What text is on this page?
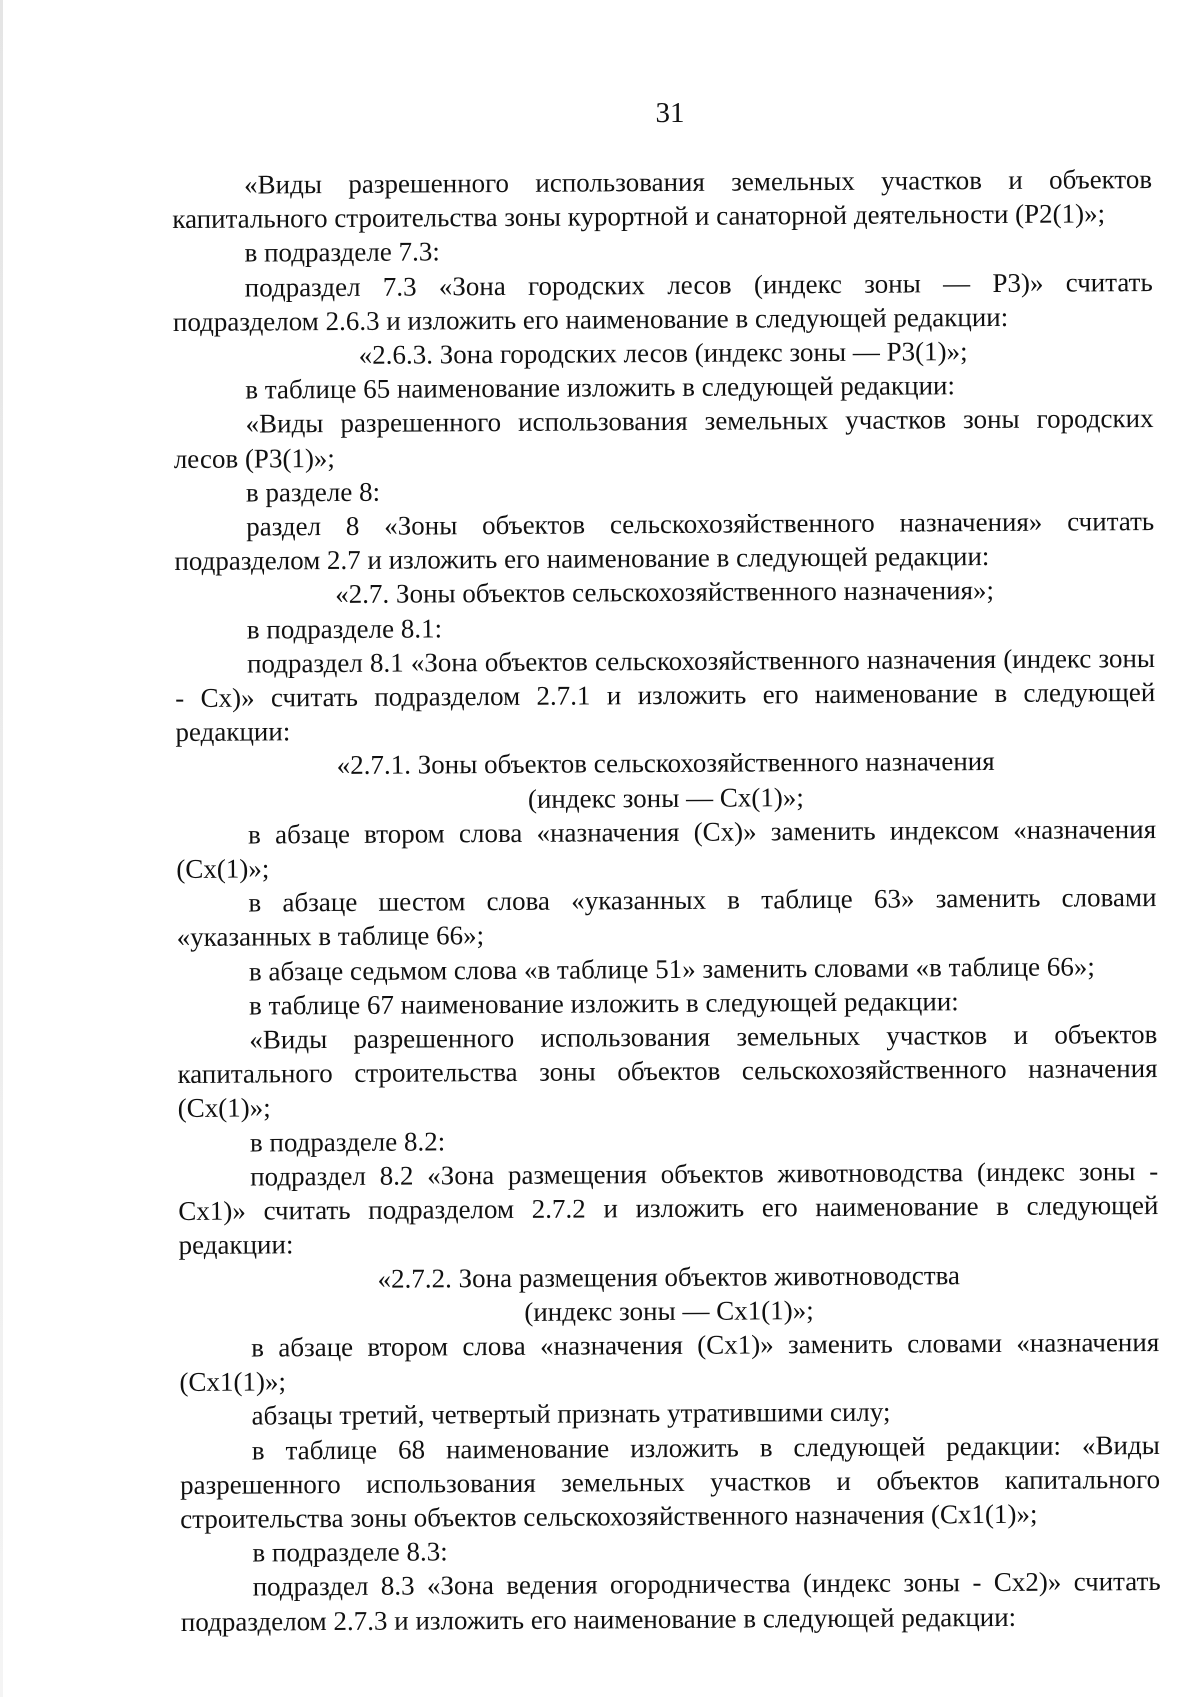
31

«Виды разрешенного использования земельных участков и объектов капитального строительства зоны курортной и санаторной деятельности (Р2(1)»;

в подразделе 7.3:

подраздел 7.3 «Зона городских лесов (индекс зоны — Р3)» считать подразделом 2.6.3 и изложить его наименование в следующей редакции:

«2.6.3. Зона городских лесов (индекс зоны — Р3(1)»;

в таблице 65 наименование изложить в следующей редакции:

«Виды разрешенного использования земельных участков зоны городских лесов (Р3(1)»;

в разделе 8:

раздел 8 «Зоны объектов сельскохозяйственного назначения» считать подразделом 2.7 и изложить его наименование в следующей редакции:

«2.7. Зоны объектов сельскохозяйственного назначения»;

в подразделе 8.1:

подраздел 8.1 «Зона объектов сельскохозяйственного назначения (индекс зоны - Сх)» считать подразделом 2.7.1 и изложить его наименование в следующей редакции:

«2.7.1. Зоны объектов сельскохозяйственного назначения

(индекс зоны — Сх(1)»;

в абзаце втором слова «назначения (Сх)» заменить индексом «назначения (Сх(1)»;

в абзаце шестом слова «указанных в таблице 63» заменить словами «указанных в таблице 66»;

в абзаце седьмом слова «в таблице 51» заменить словами «в таблице 66»;

в таблице 67 наименование изложить в следующей редакции:

«Виды разрешенного использования земельных участков и объектов капитального строительства зоны объектов сельскохозяйственного назначения (Сх(1)»;

в подразделе 8.2:

подраздел 8.2 «Зона размещения объектов животноводства (индекс зоны - Сх1)» считать подразделом 2.7.2 и изложить его наименование в следующей редакции:

«2.7.2. Зона размещения объектов животноводства

(индекс зоны — Сх1(1)»;

в абзаце втором слова «назначения (Сх1)» заменить словами «назначения (Сх1(1)»;

абзацы третий, четвертый признать утратившими силу;

в таблице 68 наименование изложить в следующей редакции: «Виды разрешенного использования земельных участков и объектов капитального строительства зоны объектов сельскохозяйственного назначения (Сх1(1)»;

в подразделе 8.3:

подраздел 8.3 «Зона ведения огородничества (индекс зоны - Сх2)» считать подразделом 2.7.3 и изложить его наименование в следующей редакции:
